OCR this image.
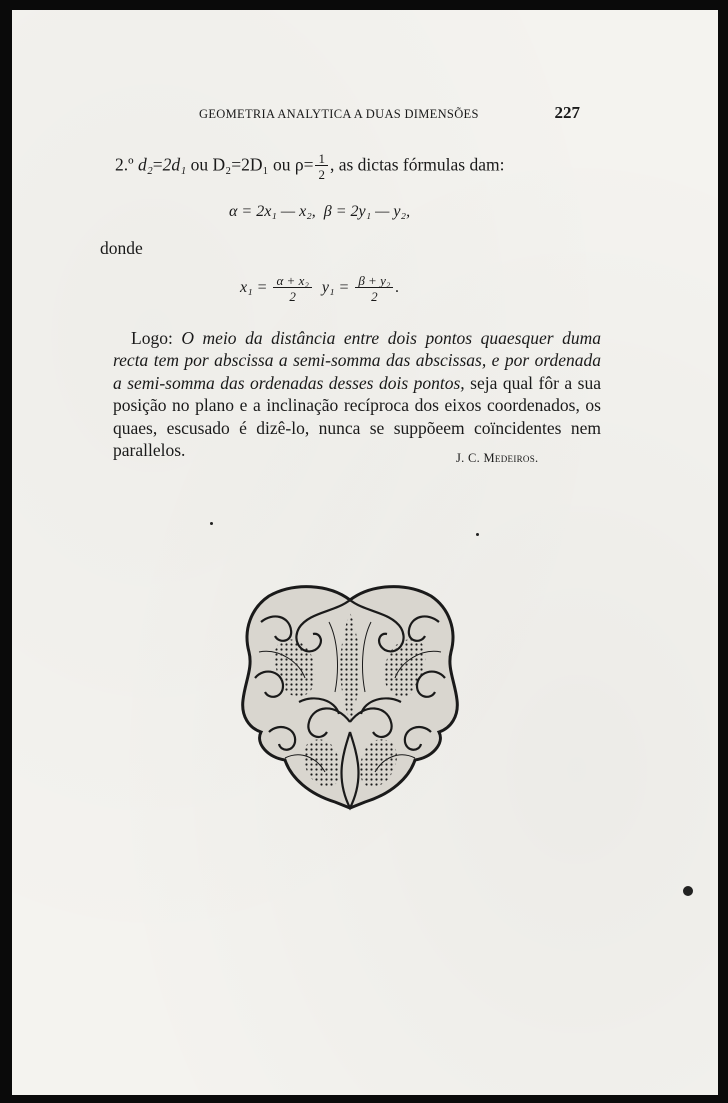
GEOMETRIA ANALYTICA A DUAS DIMENSÕES	227
2.º d₂=2d₁ ou D₂=2D₁ ou $\rho= \frac{1}{2}$ , as dictas fórmulas dam:
α = 2x₁ — x₂, β = 2y₁ — y₂,
donde
$x_1 = \frac{\text{α + x₂}}{2} y_1 = \frac{\text{β + y₂}}{2}$ .
Logo: O meio da distância entre dois pontos quaesquer duma recta tem por abscissa a semi-somma das abscissas, e por ordenada a semi-somma das ordenadas desses dois pontos, seja qual fôr a sua posição no plano e a inclinação recíproca dos eixos coordenados, os quaes, escusado é dizê-lo, nunca se suppõeem coïncidentes nem parallelos.	J. C. Medeiros.
